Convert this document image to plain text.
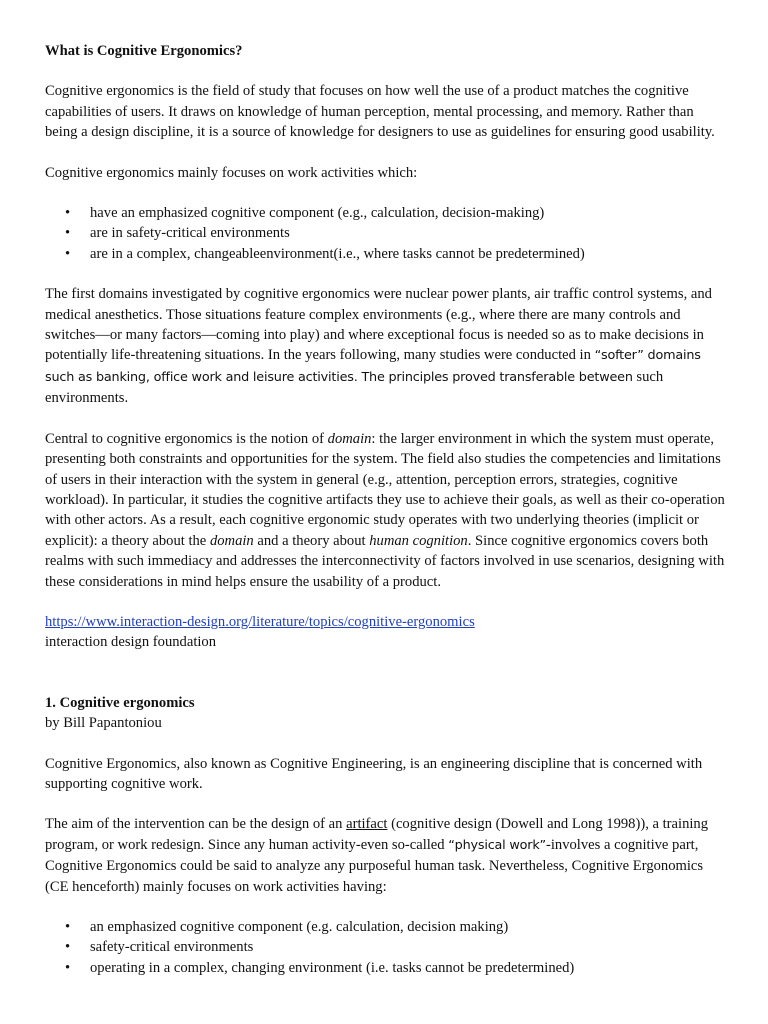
What is Cognitive Ergonomics?

Cognitive ergonomics is the field of study that focuses on how well the use of a product matches the cognitive capabilities of users. It draws on knowledge of human perception, mental processing, and memory. Rather than being a design discipline, it is a source of knowledge for designers to use as guidelines for ensuring good usability.

Cognitive ergonomics mainly focuses on work activities which:

• have an emphasized cognitive component (e.g., calculation, decision-making)
• are in safety-critical environments
• are in a complex, changeableenvironment(i.e., where tasks cannot be predetermined)

The first domains investigated by cognitive ergonomics were nuclear power plants, air traffic control systems, and medical anesthetics. Those situations feature complex environments (e.g., where there are many controls and switches—or many factors—coming into play) and where exceptional focus is needed so as to make decisions in potentially life-threatening situations. In the years following, many studies were conducted in “softer” domains such as banking, office work and leisure activities. The principles proved transferable between such environments.

Central to cognitive ergonomics is the notion of domain: the larger environment in which the system must operate, presenting both constraints and opportunities for the system. The field also studies the competencies and limitations of users in their interaction with the system in general (e.g., attention, perception errors, strategies, cognitive workload). In particular, it studies the cognitive artifacts they use to achieve their goals, as well as their co-operation with other actors. As a result, each cognitive ergonomic study operates with two underlying theories (implicit or explicit): a theory about the domain and a theory about human cognition. Since cognitive ergonomics covers both realms with such immediacy and addresses the interconnectivity of factors involved in use scenarios, designing with these considerations in mind helps ensure the usability of a product.

https://www.interaction-design.org/literature/topics/cognitive-ergonomics

interaction design foundation

1. Cognitive ergonomics

by Bill Papantoniou

Cognitive Ergonomics, also known as Cognitive Engineering, is an engineering discipline that is concerned with supporting cognitive work.

The aim of the intervention can be the design of an artifact (cognitive design (Dowell and Long 1998)), a training program, or work redesign. Since any human activity-even so-called “physical work”-involves a cognitive part, Cognitive Ergonomics could be said to analyze any purposeful human task. Nevertheless, Cognitive Ergonomics (CE henceforth) mainly focuses on work activities having:

• an emphasized cognitive component (e.g. calculation, decision making)
• safety-critical environments
• operating in a complex, changing environment (i.e. tasks cannot be predetermined)
